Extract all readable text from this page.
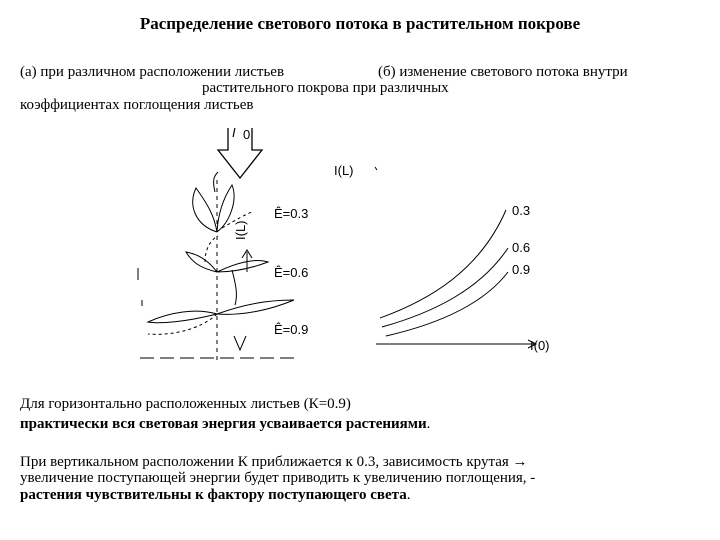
Распределение светового потока в растительном покрове
(а) при различном расположении листьев	(б) изменение светового потока внутри
растительного покрова при различных
коэффициентах поглощения листьев
I 0
I(L)
Ê=0.3
Ê=0.6
Ê=0.9
I(L)
I(0)
0.3
0.6
0.9
Для горизонтально расположенных листьев (К=0.9)
практически вся световая энергия усваивается растениями.
При вертикальном расположении К приближается к 0.3, зависимость крутая →
увеличение поступающей энергии будет приводить к увеличению поглощения, -
растения чувствительны к фактору поступающего света.
